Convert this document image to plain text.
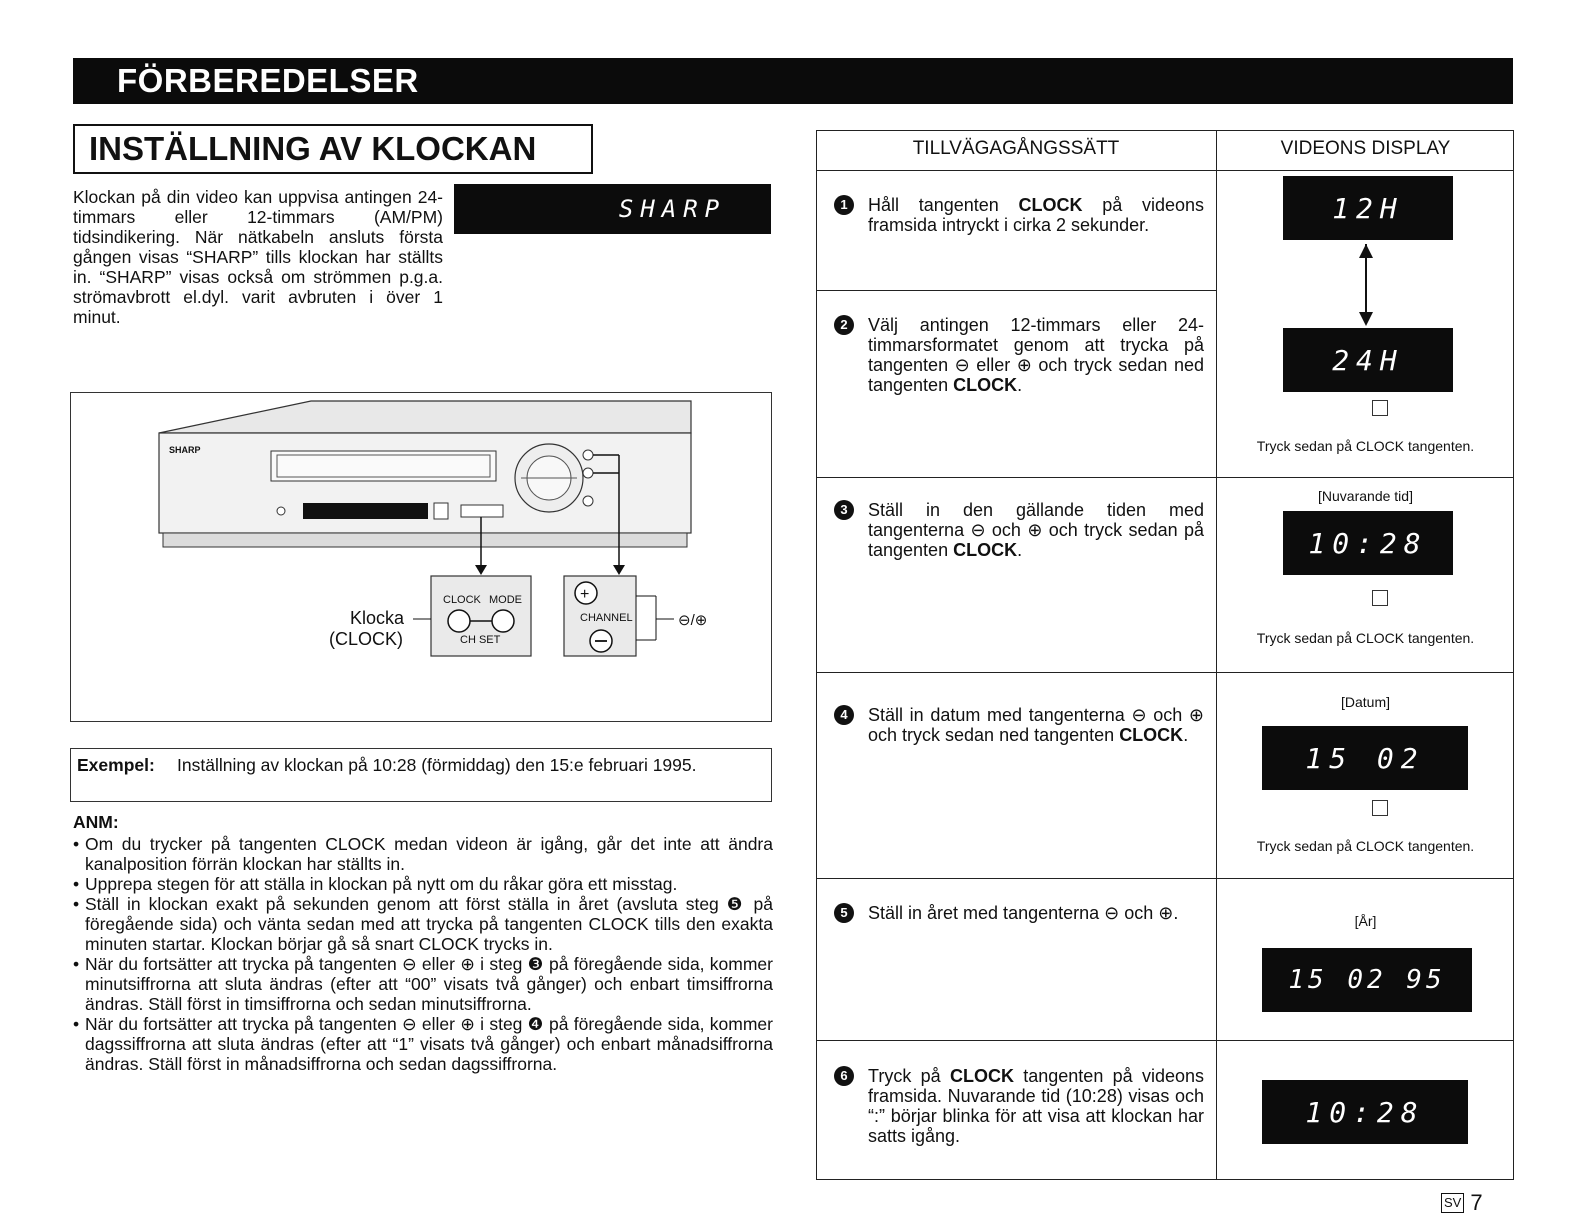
FÖRBEREDELSER
INSTÄLLNING AV KLOCKAN
Klockan på din video kan uppvisa antingen 24-timmars eller 12-timmars (AM/PM) tidsindikering. När nätkabeln ansluts första gången visas “SHARP” tills klockan har ställts in. “SHARP” visas också om strömmen p.g.a. strömavbrott el.dyl. varit avbruten i över 1 minut.
SHARP
SHARP
CLOCK MODE
CH SET
+
CHANNEL	⊖/⊕
Klocka
(CLOCK)
Exempel: Inställning av klockan på 10:28 (förmiddag) den 15:e februari 1995.
ANM:
• Om du trycker på tangenten CLOCK medan videon är igång, går det inte att ändra kanalposition förrän klockan har ställts in.
• Upprepa stegen för att ställa in klockan på nytt om du råkar göra ett misstag.
• Ställ in klockan exakt på sekunden genom att först ställa in året (avsluta steg ❺ på föregående sida) och vänta sedan med att trycka på tangenten CLOCK tills den exakta minuten startar. Klockan börjar gå så snart CLOCK trycks in.
• När du fortsätter att trycka på tangenten ⊖ eller ⊕ i steg ❸ på föregående sida, kommer minutsiffrorna att sluta ändras (efter att “00” visats två gånger) och enbart timsiffrorna ändras. Ställ först in timsiffrorna och sedan minutsiffrorna.
• När du fortsätter att trycka på tangenten ⊖ eller ⊕ i steg ❹ på föregående sida, kommer dagssiffrorna att sluta ändras (efter att “1” visats två gånger) och enbart månadsiffrorna ändras. Ställ först in månadsiffrorna och sedan dagssiffrorna.
TILLVÄGAGÅNGSSÄTT	VIDEONS DISPLAY
1	Håll tangenten CLOCK på videons framsida intryckt i cirka 2 sekunder.
12H
2	Välj antingen 12-timmars eller 24-timmarsformatet genom att trycka på tangenten ⊖ eller ⊕ och tryck sedan ned tangenten CLOCK.
24H
Tryck sedan på CLOCK tangenten.
3	Ställ in den gällande tiden med tangenterna ⊖ och ⊕ och tryck sedan på tangenten CLOCK.
[Nuvarande tid]
10:28
Tryck sedan på CLOCK tangenten.
4	Ställ in datum med tangenterna ⊖ och ⊕ och tryck sedan ned tangenten CLOCK.
[Datum]
15 02
Tryck sedan på CLOCK tangenten.
5	Ställ in året med tangenterna ⊖ och ⊕.	[År]
15 02 95
6	Tryck på CLOCK tangenten på videons framsida. Nuvarande tid (10:28) visas och “:” börjar blinka för att visa att klockan har satts igång.
10:28
SV 7
